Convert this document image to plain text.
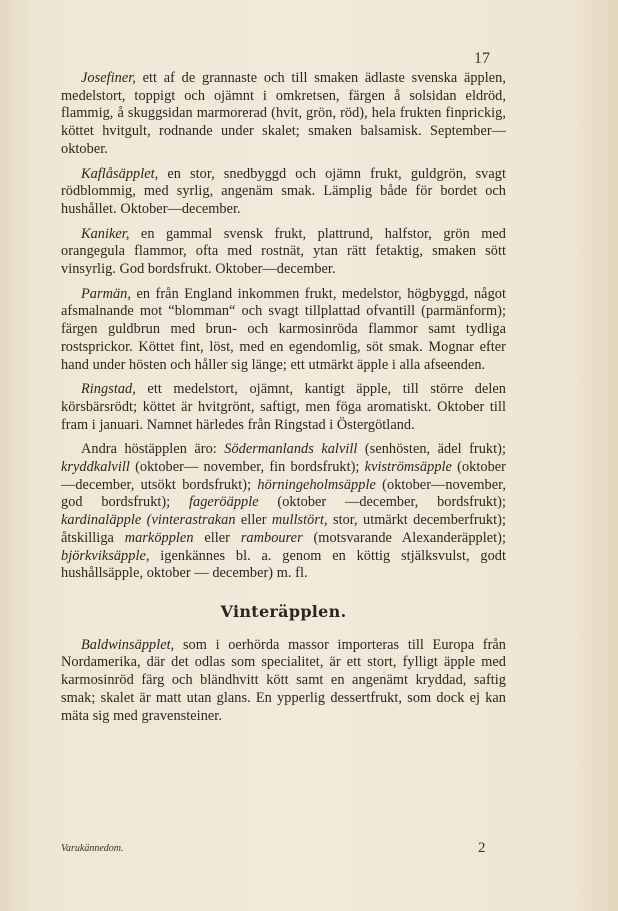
17

Josefiner, ett af de grannaste och till smaken ädlaste svenska äpplen, medelstort, toppigt och ojämnt i omkretsen, färgen å solsidan eldröd, flammig, å skuggsidan marmorerad (hvit, grön, röd), hela frukten finprickig, köttet hvitgult, rodnande under skalet; smaken balsamisk. September—oktober.

Kaflåsäpplet, en stor, snedbyggd och ojämn frukt, guldgrön, svagt rödblommig, med syrlig, angenäm smak. Lämplig både för bordet och hushållet. Oktober—december.

Kaniker, en gammal svensk frukt, plattrund, halfstor, grön med orangegula flammor, ofta med rostnät, ytan rätt fetaktig, smaken sött vinsyrlig. God bordsfrukt. Oktober—december.

Parmän, en från England inkommen frukt, medelstor, högbyggd, något afsmalnande mot “blomman“ och svagt tillplattad ofvantill (parmänform); färgen guldbrun med brun- och karmosinröda flammor samt tydliga rostsprickor. Köttet fint, löst, med en egendomlig, söt smak. Mognar efter hand under hösten och håller sig länge; ett utmärkt äpple i alla afseenden.

Ringstad, ett medelstort, ojämnt, kantigt äpple, till större delen körsbärsrödt; köttet är hvitgrönt, saftigt, men föga aromatiskt. Oktober till fram i januari. Namnet härledes från Ringstad i Östergötland.

Andra höstäpplen äro: Södermanlands kalvill (senhösten, ädel frukt); kryddkalvill (oktober— november, fin bordsfrukt); kviströmsäpple (oktober—december, utsökt bordsfrukt); hörningeholmsäpple (oktober—november, god bordsfrukt); fageröäpple (oktober —december, bordsfrukt); kardinaläpple (vinterastrakan eller mullstört, stor, utmärkt decemberfrukt); åtskilliga marköpplen eller rambourer (motsvarande Alexanderäpplet); björkviksäpple, igenkännes bl. a. genom en köttig stjälksvulst, godt hushållsäpple, oktober — december) m. fl.

Vinteräpplen.

Baldwinsäpplet, som i oerhörda massor importeras till Europa från Nordamerika, där det odlas som specialitet, är ett stort, fylligt äpple med karmosinröd färg och bländhvitt kött samt en angenämt kryddad, saftig smak; skalet är matt utan glans. En ypperlig dessertfrukt, som dock ej kan mäta sig med gravensteiner.

Varukännedom.	2
